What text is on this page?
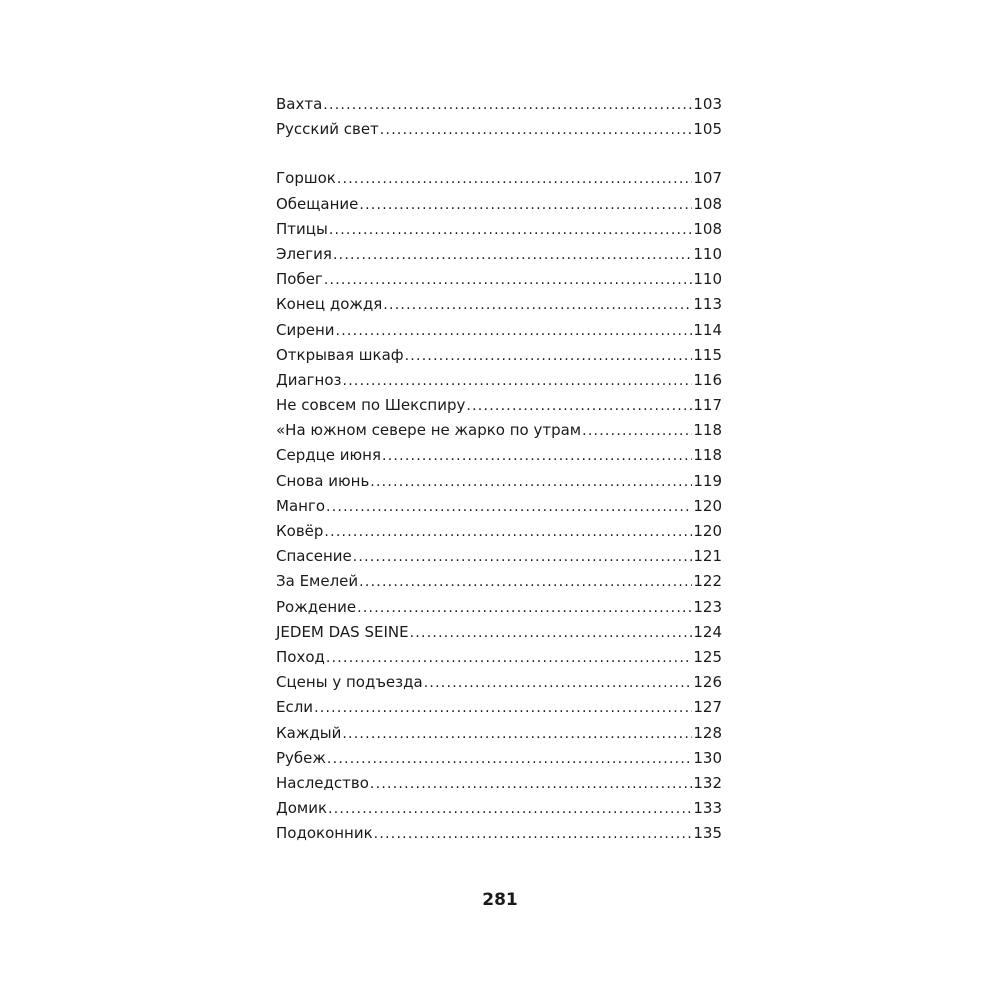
Вахта . . .	103
Русский свет . . .	105
Горшок . . .	107
Обещание . . .	108
Птицы . . .	108
Элегия . . .	110
Побег . . .	110
Конец дождя . . .	113
Сирени . . .	114
Открывая шкаф . . .	115
Диагноз . . .	116
Не совсем по Шекспиру . . .	117
«На южном севере не жарко по утрам . . .	118
Сердце июня . . .	118
Снова июнь . . .	119
Манго . . .	120
Ковёр . . .	120
Спасение . . .	121
За Емелей . . .	122
Рождение . . .	123
JEDEM DAS SEINE . . .	124
Поход . . .	125
Сцены у подъезда . . .	126
Если . . .	127
Каждый . . .	128
Рубеж . . .	130
Наследство . . .	132
Домик . . .	133
Подоконник . . .	135
281
